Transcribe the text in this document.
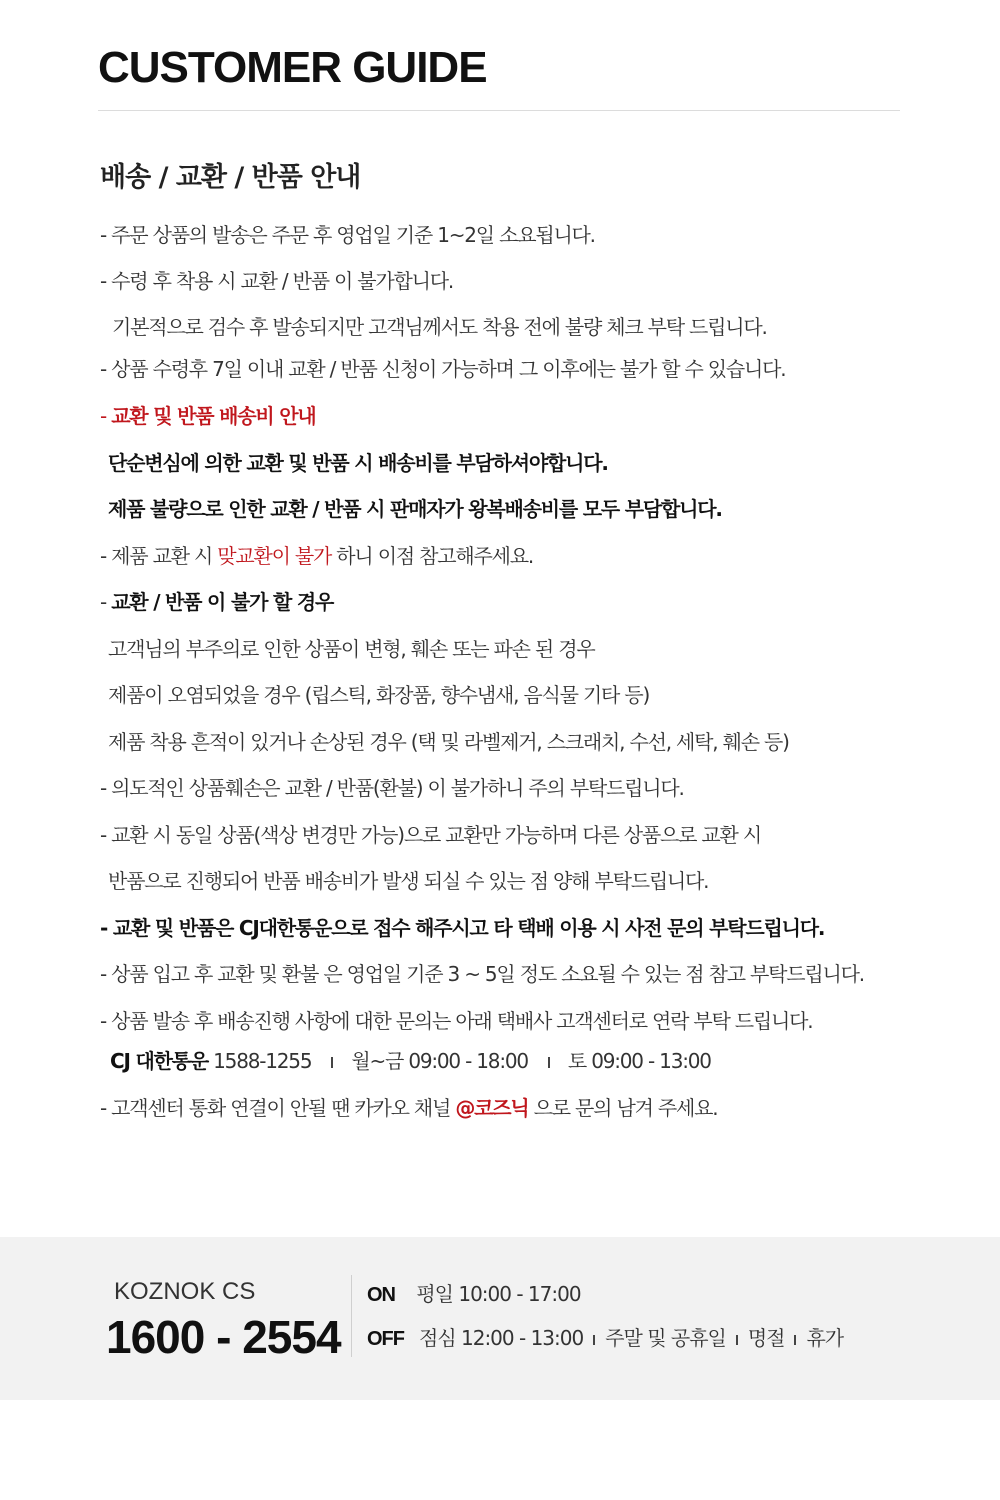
CUSTOMER GUIDE
배송 / 교환 / 반품 안내
- 주문 상품의 발송은 주문 후 영업일 기준 1~2일 소요됩니다.
- 수령 후 착용 시 교환 / 반품 이 불가합니다.
기본적으로 검수 후 발송되지만 고객님께서도 착용 전에 불량 체크 부탁 드립니다.
- 상품 수령후 7일 이내 교환 / 반품 신청이 가능하며 그 이후에는 불가 할 수 있습니다.
- 교환 및 반품 배송비 안내
단순변심에 의한 교환 및 반품 시 배송비를 부담하셔야합니다.
제품 불량으로 인한 교환 / 반품 시 판매자가 왕복배송비를 모두 부담합니다.
- 제품 교환 시 맞교환이 불가 하니 이점 참고해주세요.
- 교환 / 반품 이 불가 할 경우
고객님의 부주의로 인한 상품이 변형, 훼손 또는 파손 된 경우
제품이 오염되었을 경우 (립스틱, 화장품, 향수냄새, 음식물 기타 등)
제품 착용 흔적이 있거나 손상된 경우 (택 및 라벨제거, 스크래치, 수선, 세탁, 훼손 등)
- 의도적인 상품훼손은 교환 / 반품(환불) 이 불가하니 주의 부탁드립니다.
- 교환 시 동일 상품(색상 변경만 가능)으로 교환만 가능하며 다른 상품으로 교환 시
반품으로 진행되어 반품 배송비가 발생 되실 수 있는 점 양해 부탁드립니다.
- 교환 및 반품은 CJ대한통운으로 접수 해주시고 타 택배 이용 시 사전 문의 부탁드립니다.
- 상품 입고 후 교환 및 환불 은 영업일 기준 3 ~ 5일 정도 소요될 수 있는 점 참고 부탁드립니다.
- 상품 발송 후 배송진행 사항에 대한 문의는 아래 택배사 고객센터로 연락 부탁 드립니다.
CJ 대한통운 1588-1255 월~금 09:00 - 18:00 토 09:00 - 13:00
- 고객센터 통화 연결이 안될 땐 카카오 채널 @코즈닉 으로 문의 남겨 주세요.
KOZNOK CS
1600 - 2554
ON 평일 10:00 - 17:00
OFF 점심 12:00 - 13:00 주말 및 공휴일 명절 휴가
